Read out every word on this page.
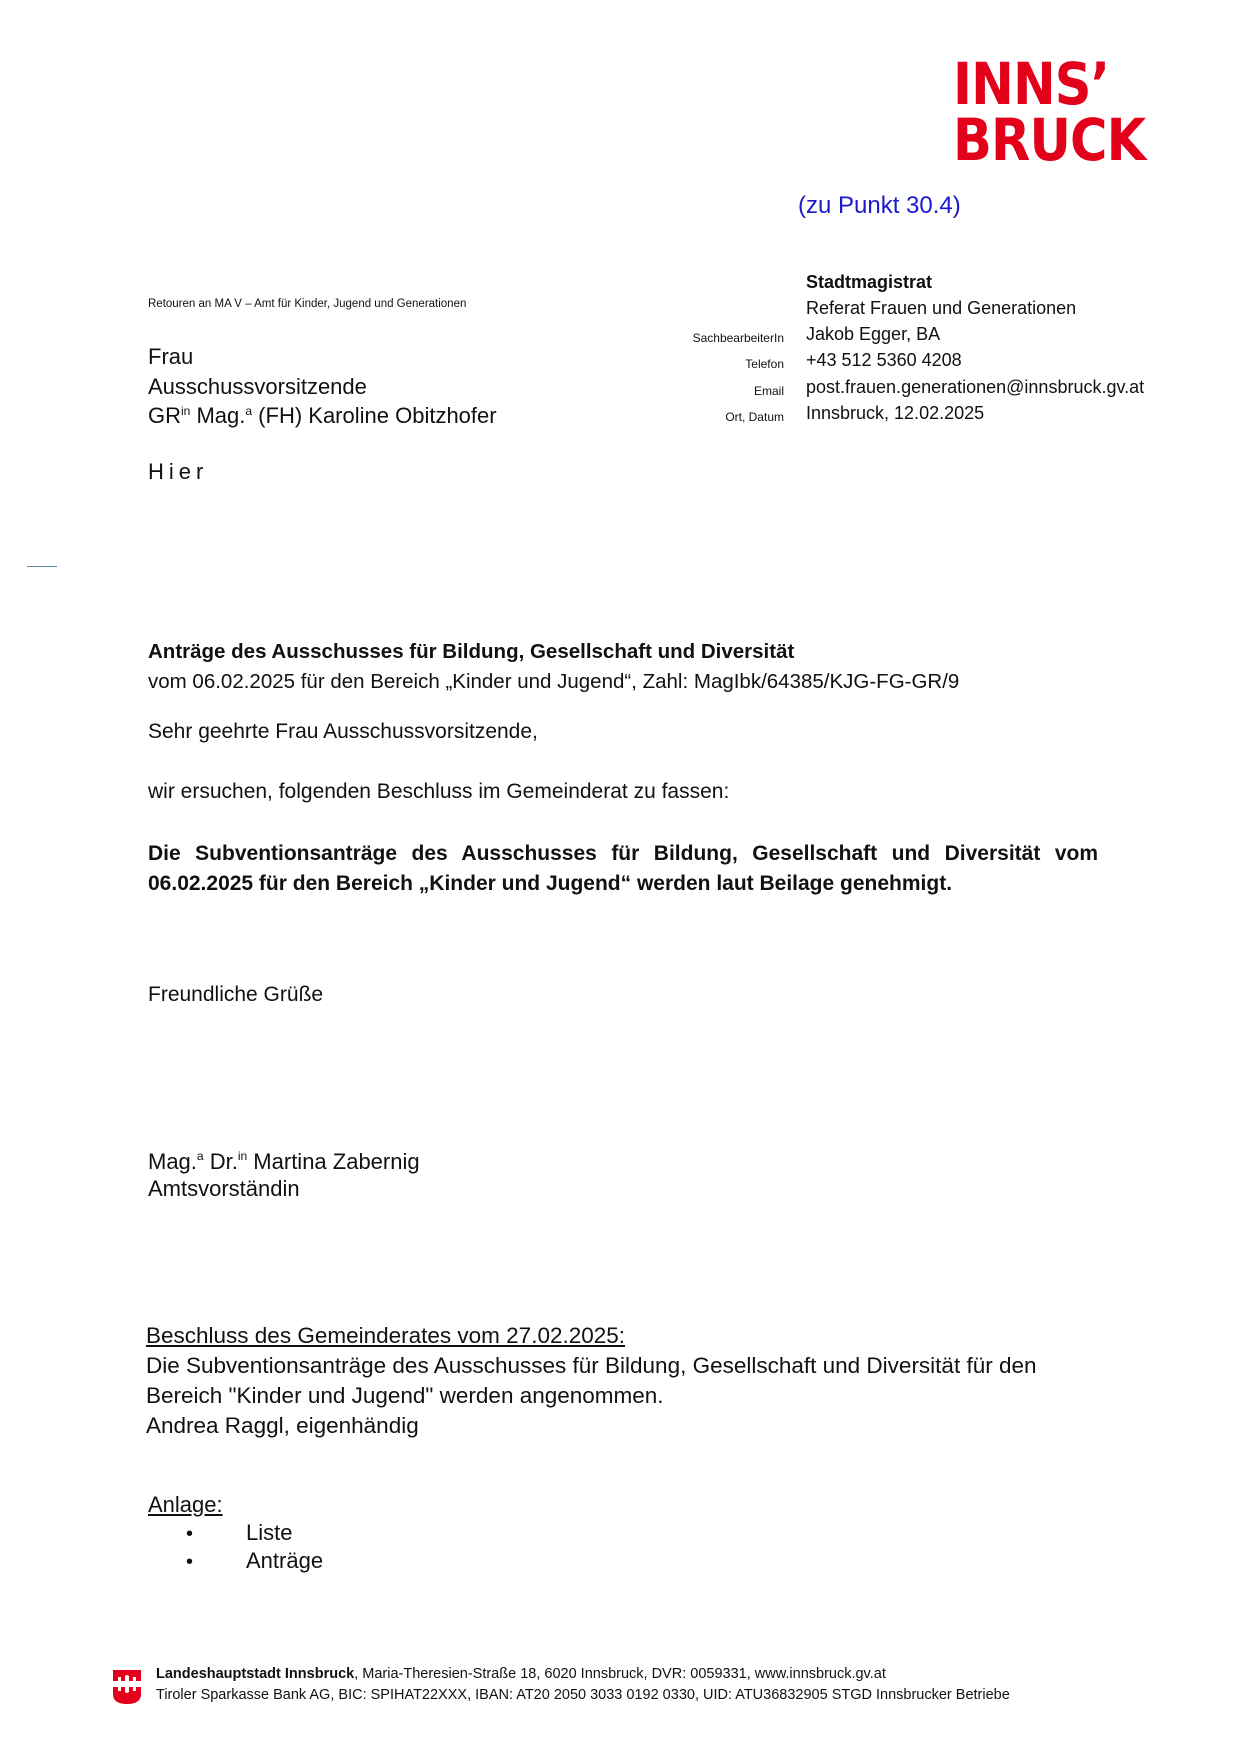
INNS’
BRUCK
(zu Punkt 30.4)
Retouren an MA V – Amt für Kinder, Jugend und Generationen
Frau
Ausschussvorsitzende
$GR^{in}$ Mag.$^a$ (FH) Karoline Obitzhofer
Hier
Stadtmagistrat
Referat Frauen und Generationen
SachbearbeiterIn Jakob Egger, BA
Telefon +43 512 5360 4208
Email post.frauen.generationen@innsbruck.gv.at
Ort, Datum Innsbruck, 12.02.2025
Anträge des Ausschusses für Bildung, Gesellschaft und Diversität
vom 06.02.2025 für den Bereich „Kinder und Jugend“, Zahl: MagIbk/64385/KJG-FG-GR/9
Sehr geehrte Frau Ausschussvorsitzende,
wir ersuchen, folgenden Beschluss im Gemeinderat zu fassen:
Die Subventionsanträge des Ausschusses für Bildung, Gesellschaft und Diversität vom 06.02.2025 für den Bereich „Kinder und Jugend“ werden laut Beilage genehmigt.
Freundliche Grüße
Mag.$^a$ Dr.$^{in}$ Martina Zabernig
Amtsvorständin
Beschluss des Gemeinderates vom 27.02.2025:
Die Subventionsanträge des Ausschusses für Bildung, Gesellschaft und Diversität für den Bereich "Kinder und Jugend" werden angenommen.
Andrea Raggl, eigenhändig
Anlage:
• Liste
• Anträge
Landeshauptstadt Innsbruck, Maria-Theresien-Straße 18, 6020 Innsbruck, DVR: 0059331, www.innsbruck.gv.at
Tiroler Sparkasse Bank AG, BIC: SPIHAT22XXX, IBAN: AT20 2050 3033 0192 0330, UID: ATU36832905 STGD Innsbrucker Betriebe
